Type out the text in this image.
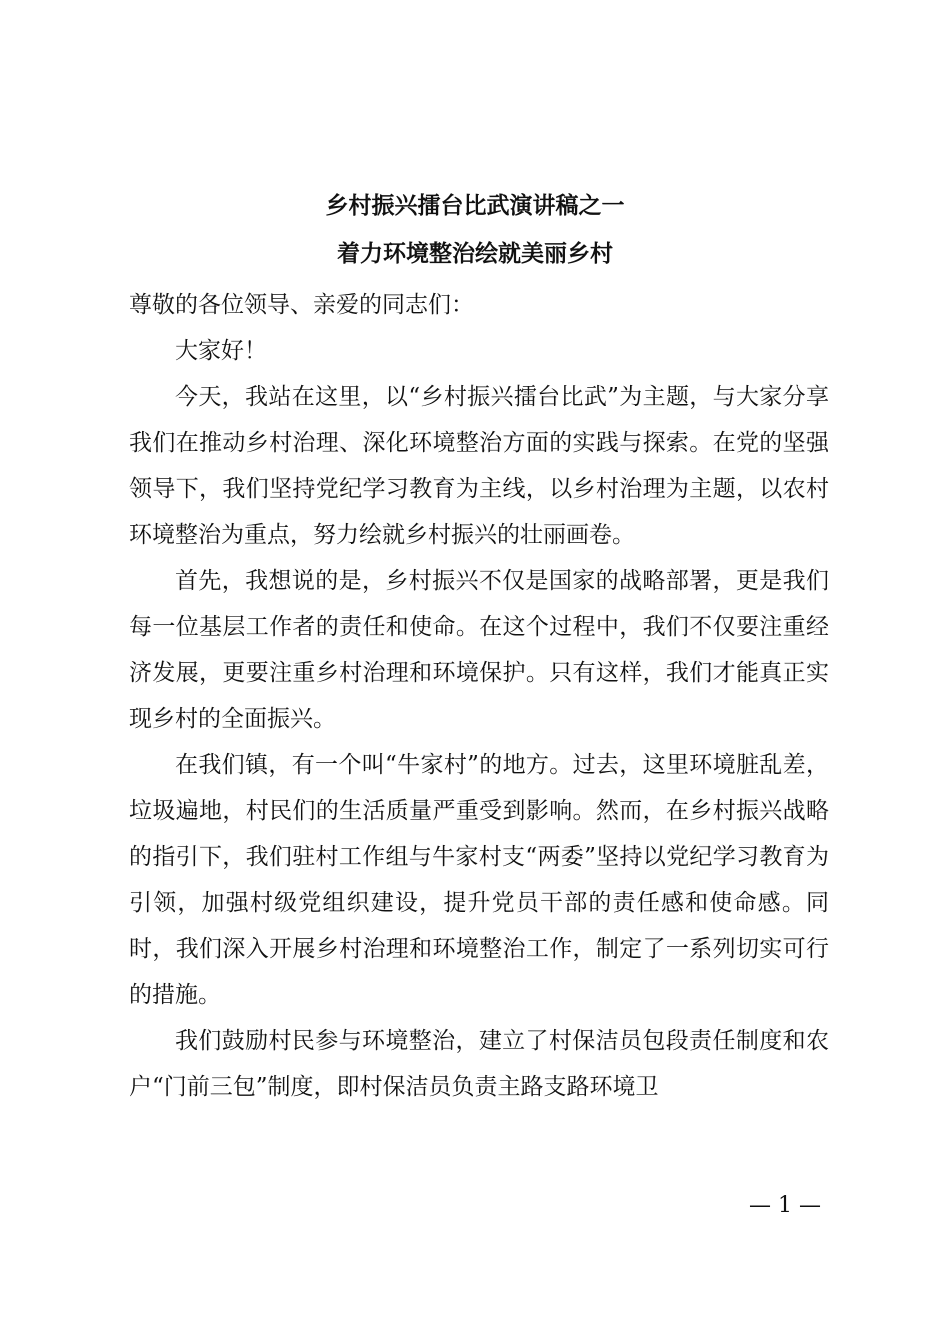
乡村振兴擂台比武演讲稿之一
着力环境整治绘就美丽乡村

尊敬的各位领导、亲爱的同志们：

大家好！

今天，我站在这里，以“乡村振兴擂台比武”为主题，与大家分享我们在推动乡村治理、深化环境整治方面的实践与探索。在党的坚强领导下，我们坚持党纪学习教育为主线，以乡村治理为主题，以农村环境整治为重点，努力绘就乡村振兴的壮丽画卷。

首先，我想说的是，乡村振兴不仅是国家的战略部署，更是我们每一位基层工作者的责任和使命。在这个过程中，我们不仅要注重经济发展，更要注重乡村治理和环境保护。只有这样，我们才能真正实现乡村的全面振兴。

在我们镇，有一个叫“牛家村”的地方。过去，这里环境脏乱差，垃圾遍地，村民们的生活质量严重受到影响。然而，在乡村振兴战略的指引下，我们驻村工作组与牛家村支“两委”坚持以党纪学习教育为引领，加强村级党组织建设，提升党员干部的责任感和使命感。同时，我们深入开展乡村治理和环境整治工作，制定了一系列切实可行的措施。

我们鼓励村民参与环境整治，建立了村保洁员包段责任制度和农户“门前三包”制度，即村保洁员负责主路支路环境卫

— 1 —
